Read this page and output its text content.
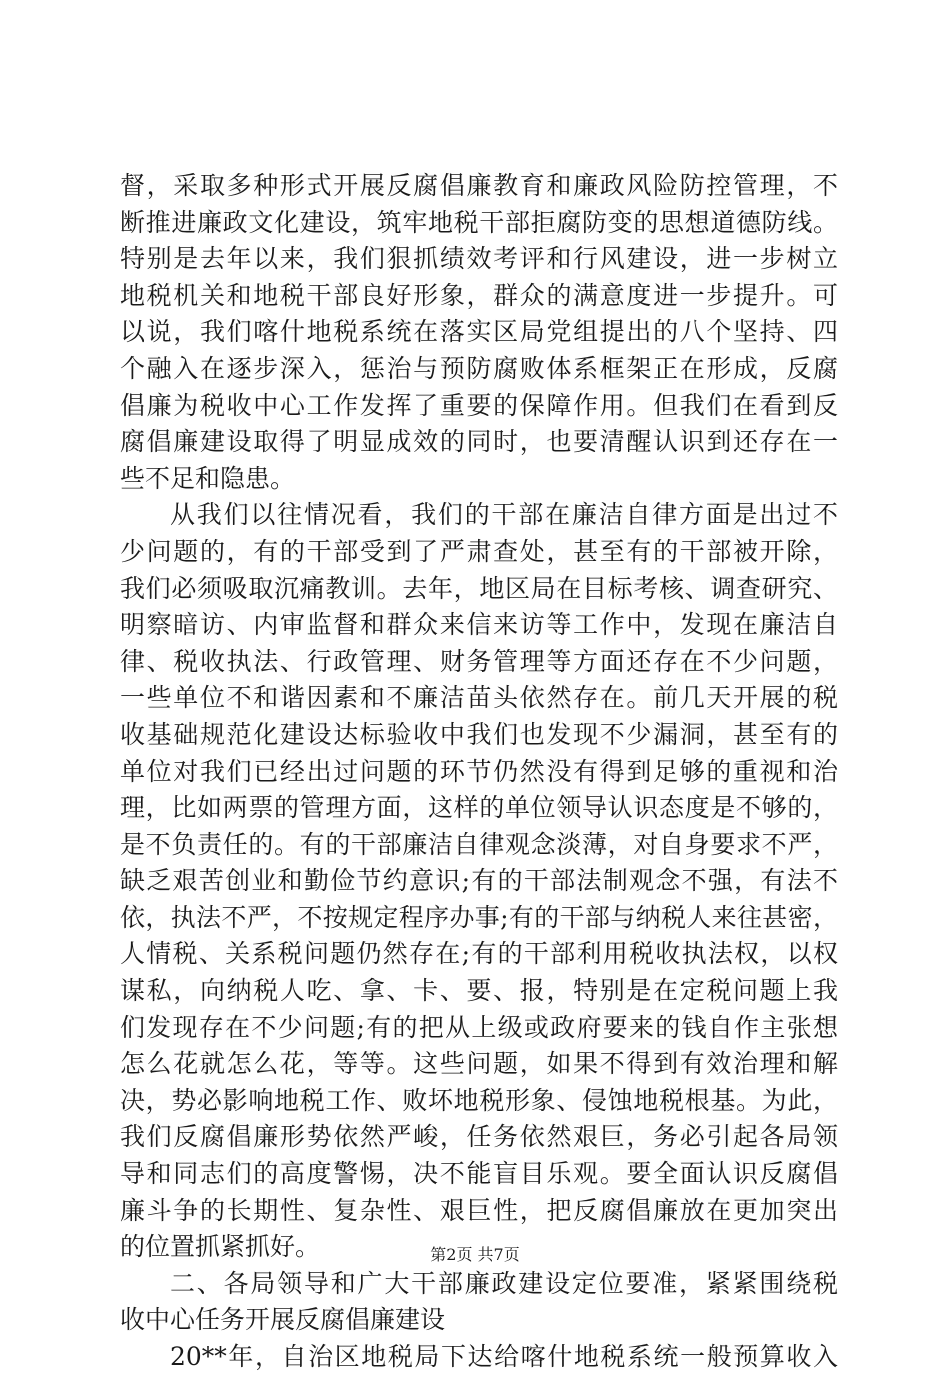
督，采取多种形式开展反腐倡廉教育和廉政风险防控管理，不
断推进廉政文化建设，筑牢地税干部拒腐防变的思想道德防线。
特别是去年以来，我们狠抓绩效考评和行风建设，进一步树立
地税机关和地税干部良好形象，群众的满意度进一步提升。可
以说，我们喀什地税系统在落实区局党组提出的八个坚持、四
个融入在逐步深入，惩治与预防腐败体系框架正在形成，反腐
倡廉为税收中心工作发挥了重要的保障作用。但我们在看到反
腐倡廉建设取得了明显成效的同时，也要清醒认识到还存在一
些不足和隐患。
从我们以往情况看，我们的干部在廉洁自律方面是出过不
少问题的，有的干部受到了严肃查处，甚至有的干部被开除，
我们必须吸取沉痛教训。去年，地区局在目标考核、调查研究、
明察暗访、内审监督和群众来信来访等工作中，发现在廉洁自
律、税收执法、行政管理、财务管理等方面还存在不少问题，
一些单位不和谐因素和不廉洁苗头依然存在。前几天开展的税
收基础规范化建设达标验收中我们也发现不少漏洞，甚至有的
单位对我们已经出过问题的环节仍然没有得到足够的重视和治
理，比如两票的管理方面，这样的单位领导认识态度是不够的，
是不负责任的。有的干部廉洁自律观念淡薄，对自身要求不严，
缺乏艰苦创业和勤俭节约意识;有的干部法制观念不强，有法不
依，执法不严，不按规定程序办事;有的干部与纳税人来往甚密，
人情税、关系税问题仍然存在;有的干部利用税收执法权，以权
谋私，向纳税人吃、拿、卡、要、报，特别是在定税问题上我
们发现存在不少问题;有的把从上级或政府要来的钱自作主张想
怎么花就怎么花，等等。这些问题，如果不得到有效治理和解
决，势必影响地税工作、败坏地税形象、侵蚀地税根基。为此，
我们反腐倡廉形势依然严峻，任务依然艰巨，务必引起各局领
导和同志们的高度警惕，决不能盲目乐观。要全面认识反腐倡
廉斗争的长期性、复杂性、艰巨性，把反腐倡廉放在更加突出
的位置抓紧抓好。
二、各局领导和广大干部廉政建设定位要准，紧紧围绕税
收中心任务开展反腐倡廉建设
20**年，自治区地税局下达给喀什地税系统一般预算收入
第2页 共7页
